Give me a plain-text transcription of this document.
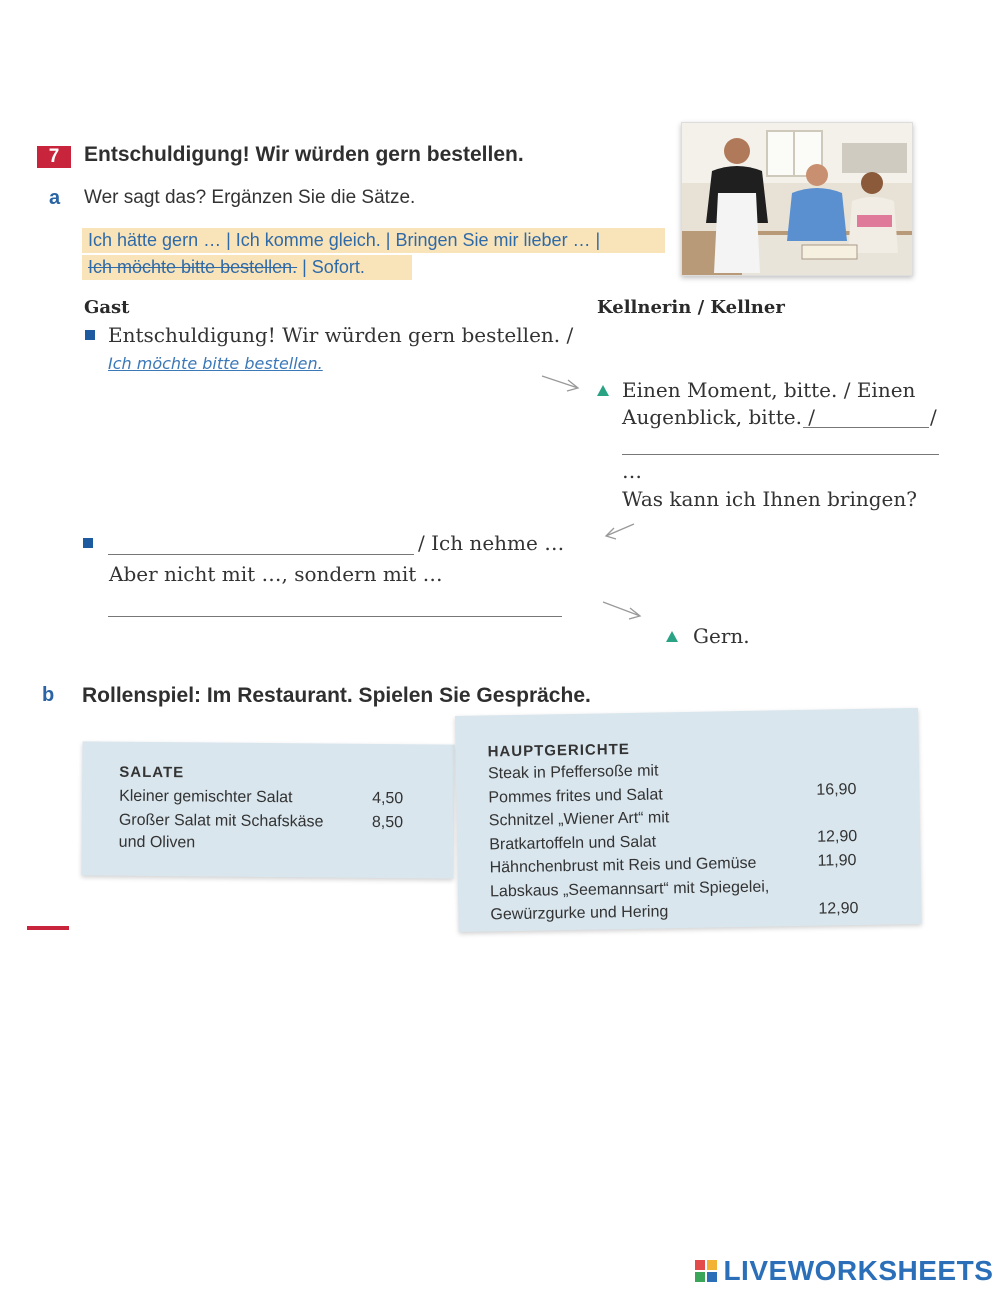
7	Entschuldigung! Wir würden gern bestellen.
a Wer sagt das? Ergänzen Sie die Sätze.
Ich hätte gern … | Ich komme gleich. | Bringen Sie mir lieber … |
Ich möchte bitte bestellen. | Sofort.
Gast	Kellnerin / Kellner
Entschuldigung! Wir würden gern bestellen. /
Ich möchte bitte bestellen.
Einen Moment, bitte. / Einen
Augenblick, bitte. /	/
…
Was kann ich Ihnen bringen?
/ Ich nehme …
Aber nicht mit …, sondern mit …
Gern.
b Rollenspiel: Im Restaurant. Spielen Sie Gespräche.
SALATE
Kleiner gemischter Salat	4,50
Großer Salat mit Schafskäse	8,50
und Oliven
HAUPTGERICHTE
Steak in Pfeffersoße mit
Pommes frites und Salat	16,90
Schnitzel „Wiener Art“ mit
Bratkartoffeln und Salat	12,90
Hähnchenbrust mit Reis und Gemüse	11,90
Labskaus „Seemannsart“ mit Spiegelei,
Gewürzgurke und Hering	12,90
LIVEWORKSHEETS
